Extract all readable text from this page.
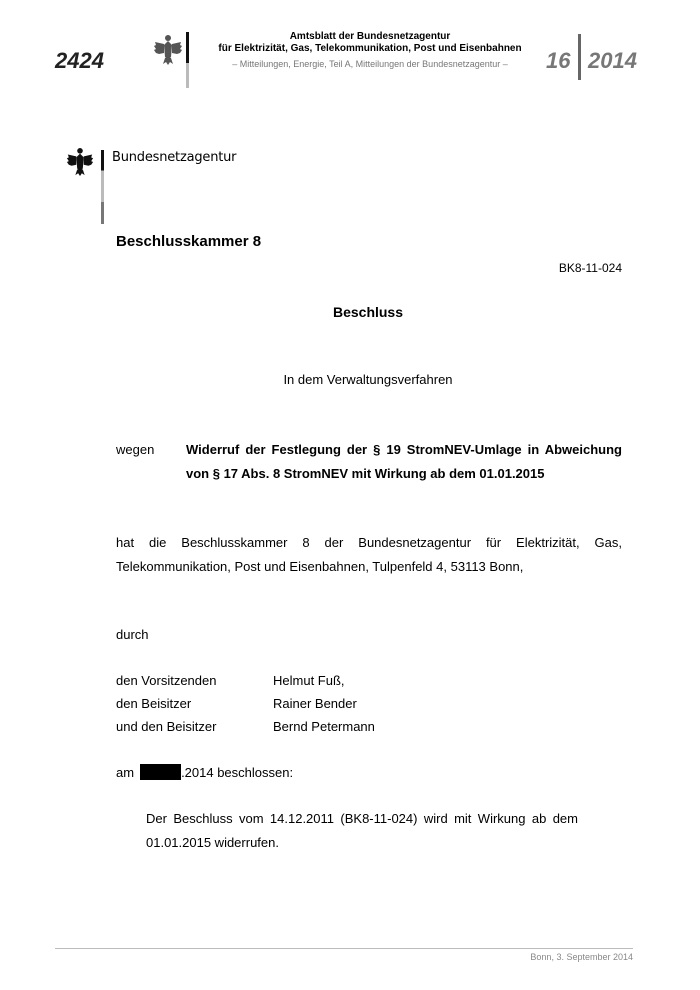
2424
Amtsblatt der Bundesnetzagentur
für Elektrizität, Gas, Telekommunikation, Post und Eisenbahnen
– Mitteilungen, Energie, Teil A, Mitteilungen der Bundesnetzagentur –	16 2014
Bundesnetzagentur
Beschlusskammer 8
BK8-11-024
Beschluss
In dem Verwaltungsverfahren
wegen Widerruf der Festlegung der § 19 StromNEV-Umlage in Abweichung von § 17 Abs. 8 StromNEV mit Wirkung ab dem 01.01.2015
hat die Beschlusskammer 8 der Bundesnetzagentur für Elektrizität, Gas, Telekommunikation, Post und Eisenbahnen, Tulpenfeld 4, 53113 Bonn,
durch
den Vorsitzenden	Helmut Fuß,
den Beisitzer	Rainer Bender
und den Beisitzer	Bernd Petermann
am	.2014 beschlossen:
Der Beschluss vom 14.12.2011 (BK8-11-024) wird mit Wirkung ab dem 01.01.2015 widerrufen.
Bonn, 3. September 2014
